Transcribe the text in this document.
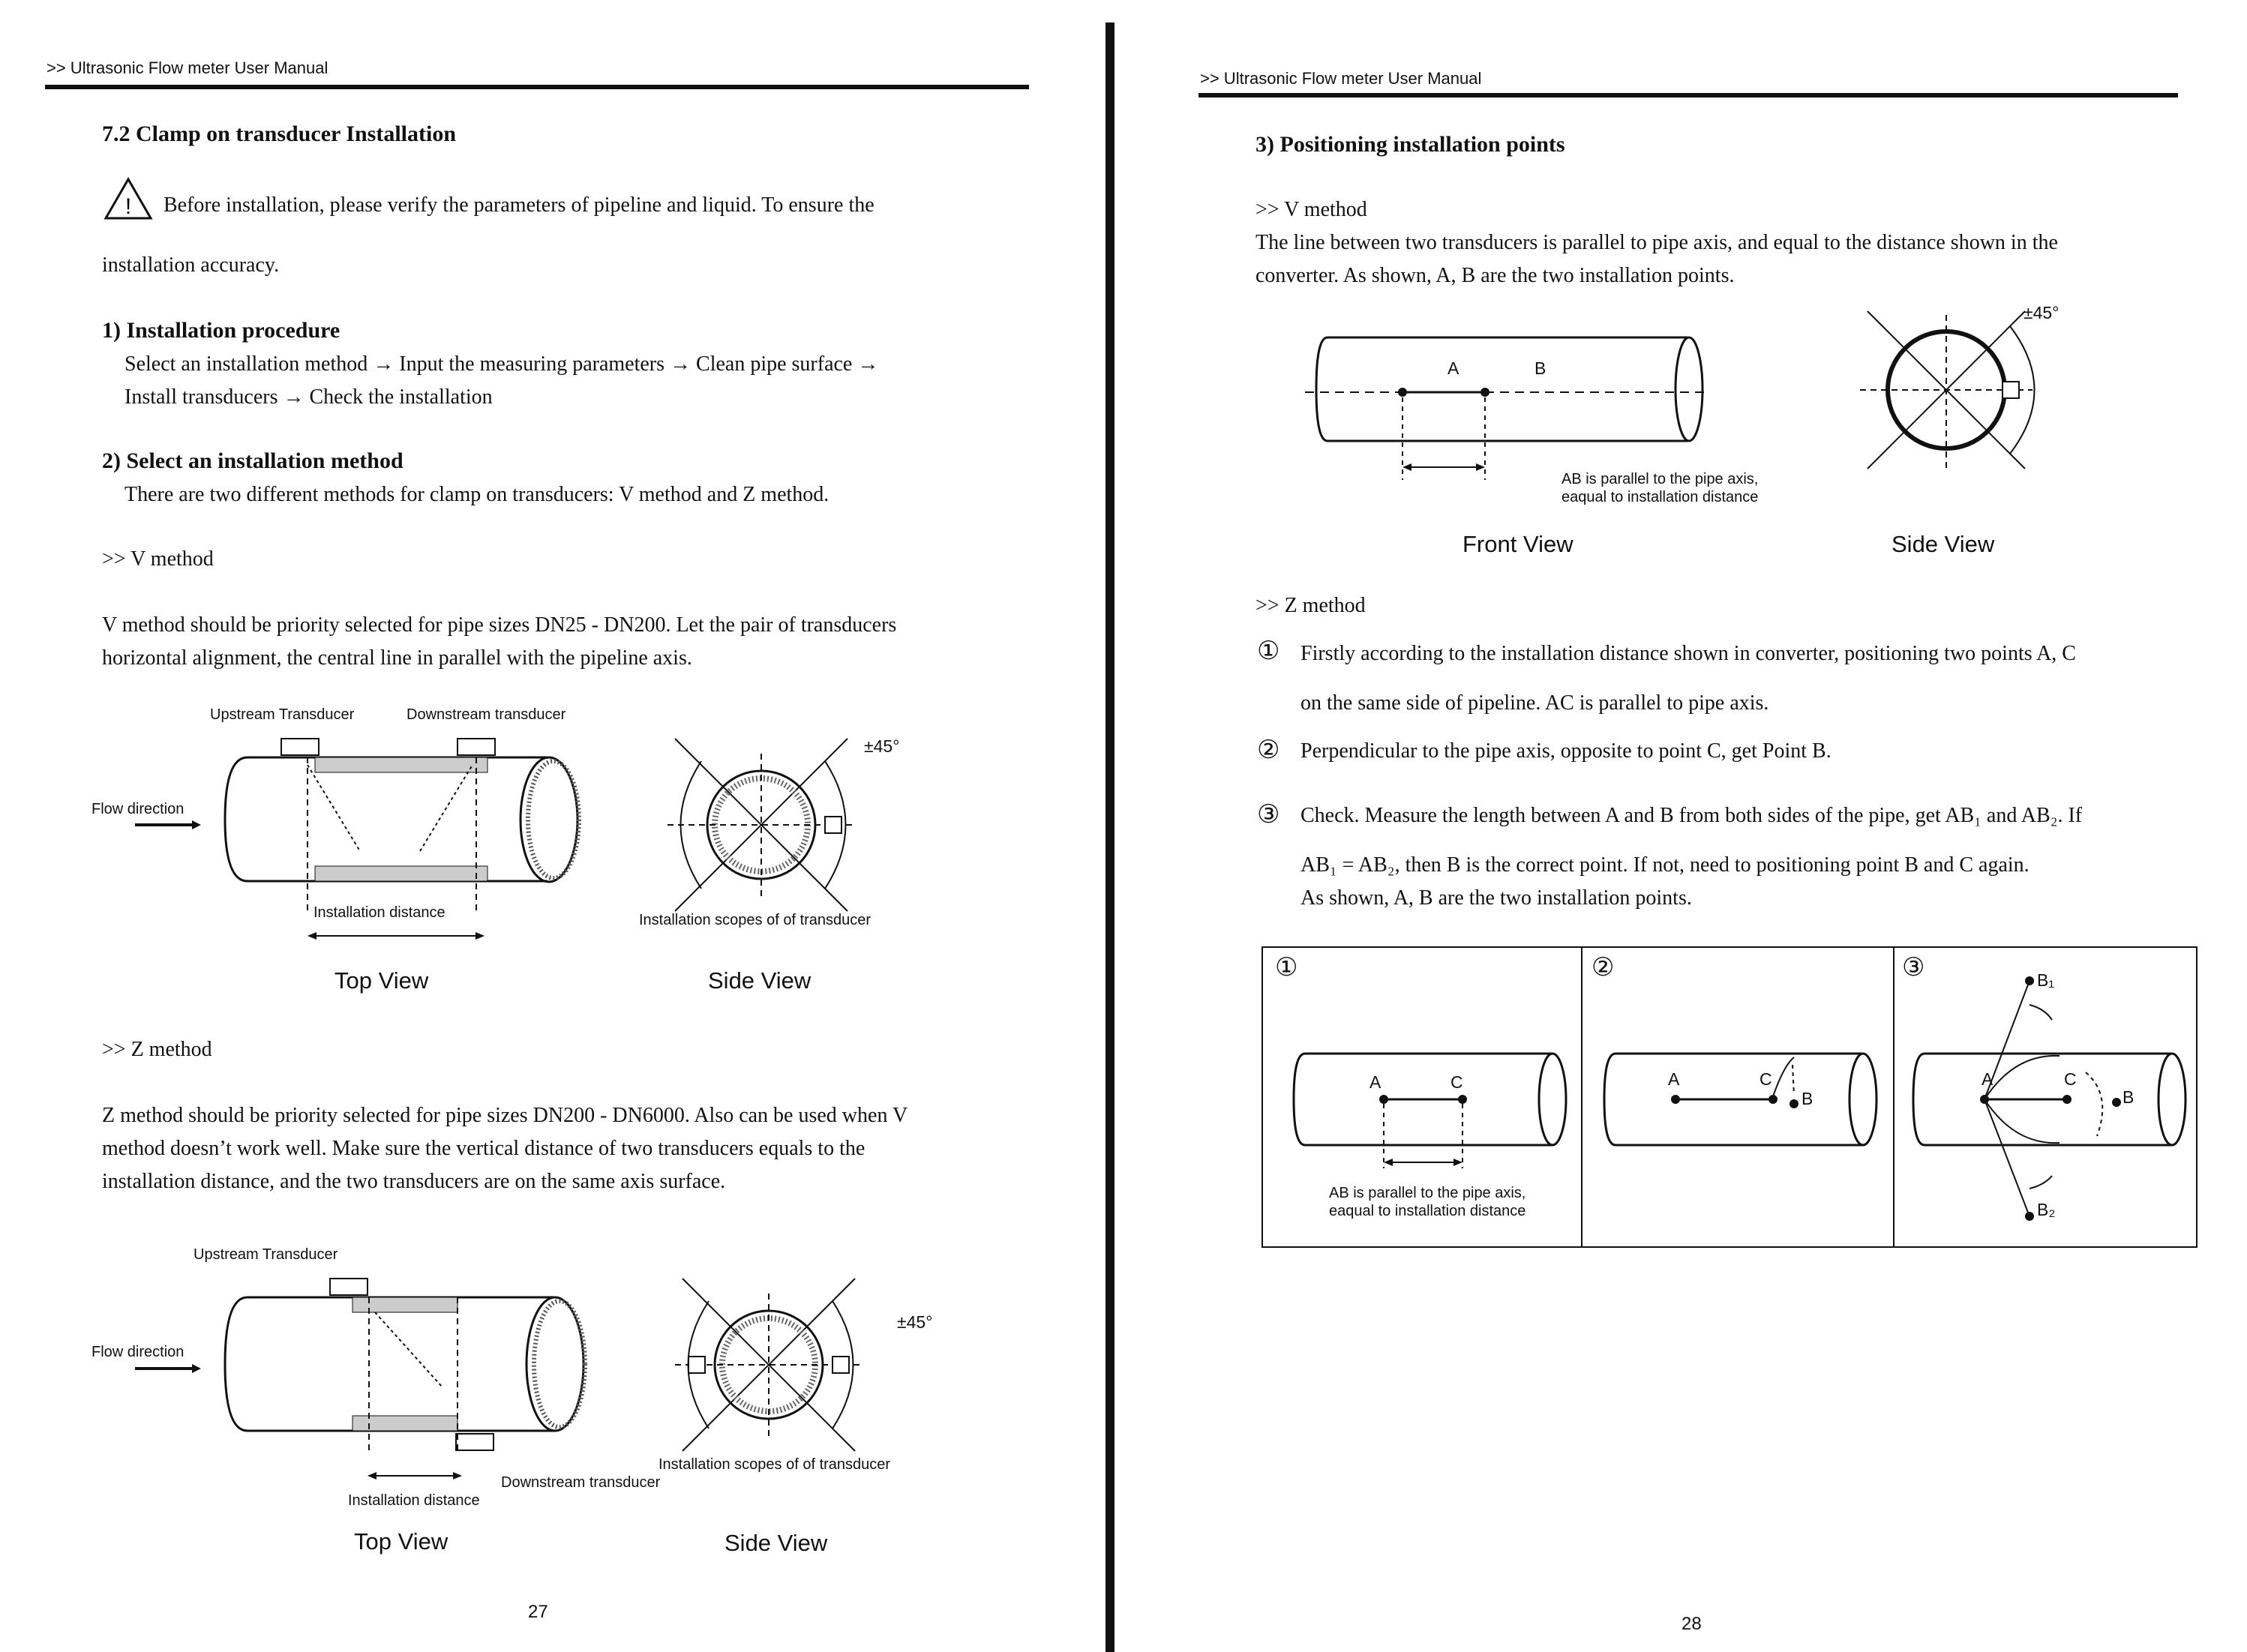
>> Ultrasonic Flow meter User Manual
7.2 Clamp on transducer Installation
! Before installation, please verify the parameters of pipeline and liquid. To ensure the
installation accuracy.
1) Installation procedure
Select an installation method → Input the measuring parameters → Clean pipe surface →
Install transducers → Check the installation
2) Select an installation method
There are two different methods for clamp on transducers: V method and Z method.
>> V method
V method should be priority selected for pipe sizes DN25 - DN200. Let the pair of transducers
horizontal alignment, the central line in parallel with the pipeline axis.
Upstream Transducer	Downstream transducer
Flow direction
Installation distance
Top View
±45°
Installation scopes of of transducer
Side View
>> Z method
Z method should be priority selected for pipe sizes DN200 - DN6000. Also can be used when V
method doesn’t work well. Make sure the vertical distance of two transducers equals to the
installation distance, and the two transducers are on the same axis surface.
Upstream Transducer
Flow direction
Downstream transducer
Installation distance
Top View
±45°
Installation scopes of of transducer
Side View
27
>> Ultrasonic Flow meter User Manual
3) Positioning installation points
>> V method
The line between two transducers is parallel to pipe axis, and equal to the distance shown in the
converter. As shown, A, B are the two installation points.
A	B
AB is parallel to the pipe axis,
eaqual to installation distance
Front View
±45°
Side View
>> Z method
① Firstly according to the installation distance shown in converter, positioning two points A, C
on the same side of pipeline. AC is parallel to pipe axis.
② Perpendicular to the pipe axis, opposite to point C, get Point B.
③ Check. Measure the length between A and B from both sides of the pipe, get AB₁ and AB₂. If
AB₁ = AB₂, then B is the correct point. If not, need to positioning point B and C again.
As shown, A, B are the two installation points.
①
A	C
AB is parallel to the pipe axis,
eaqual to installation distance
②
A	C
B
③
A	C
B
B₁
B₂
28
